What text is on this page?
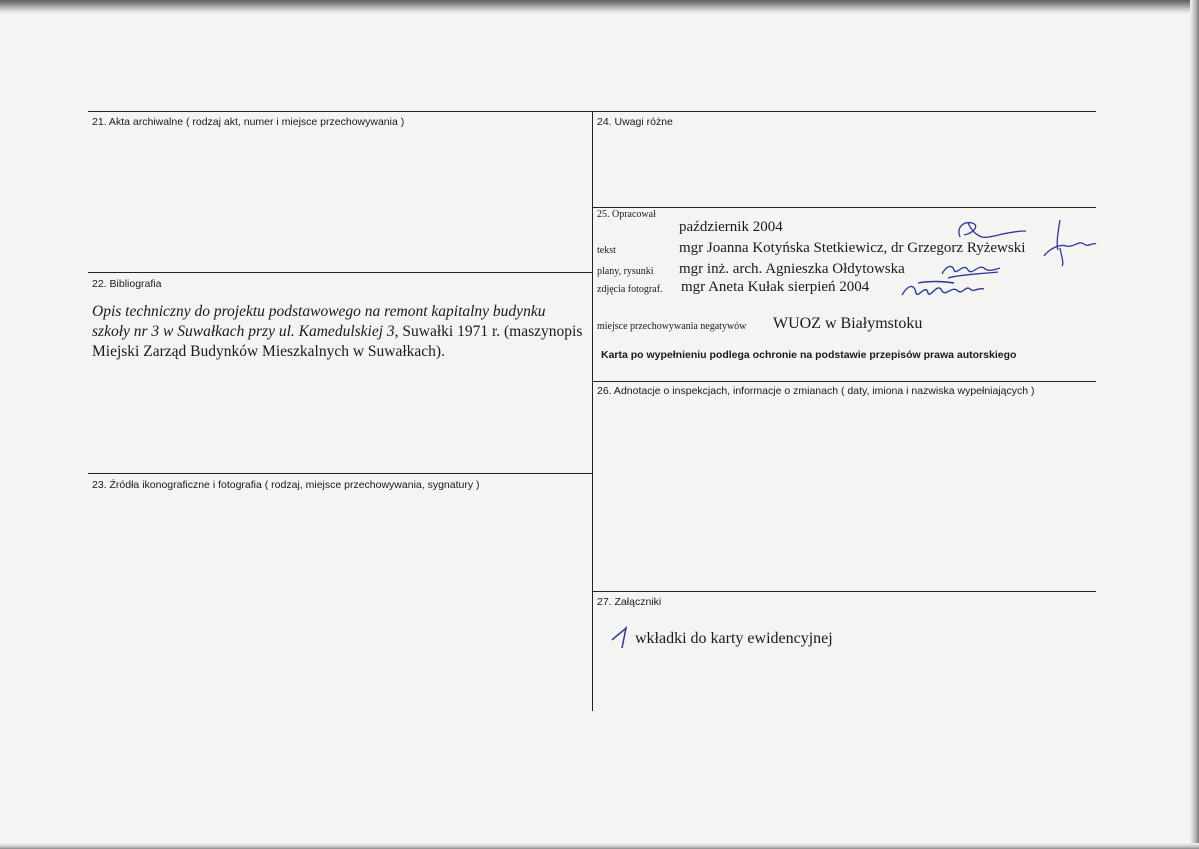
21. Akta archiwalne ( rodzaj akt, numer i miejsce przechowywania )
22. Bibliografia
Opis techniczny do projektu podstawowego na remont kapitalny budynku szkoły nr 3 w Suwałkach przy ul. Kamedulskiej 3, Suwałki 1971 r. (maszynopis Miejski Zarząd Budynków Mieszkalnych w Suwałkach).
23. Źródła ikonograficzne i fotografia ( rodzaj, miejsce przechowywania, sygnatury )
24. Uwagi różne
25. Opracował
październik 2004
tekst	mgr Joanna Kotyńska Stetkiewicz, dr Grzegorz Ryżewski
plany, rysunki mgr inż. arch. Agnieszka Ołdytowska
zdjęcia fotograf. mgr Aneta Kułak sierpień 2004
miejsce przechowywania negatywów WUOZ w Białymstoku
Karta po wypełnieniu podlega ochronie na podstawie przepisów prawa autorskiego
26. Adnotacje o inspekcjach, informacje o zmianach ( daty, imiona i nazwiska wypełniających )
27. Załączniki
wkładki do karty ewidencyjnej
